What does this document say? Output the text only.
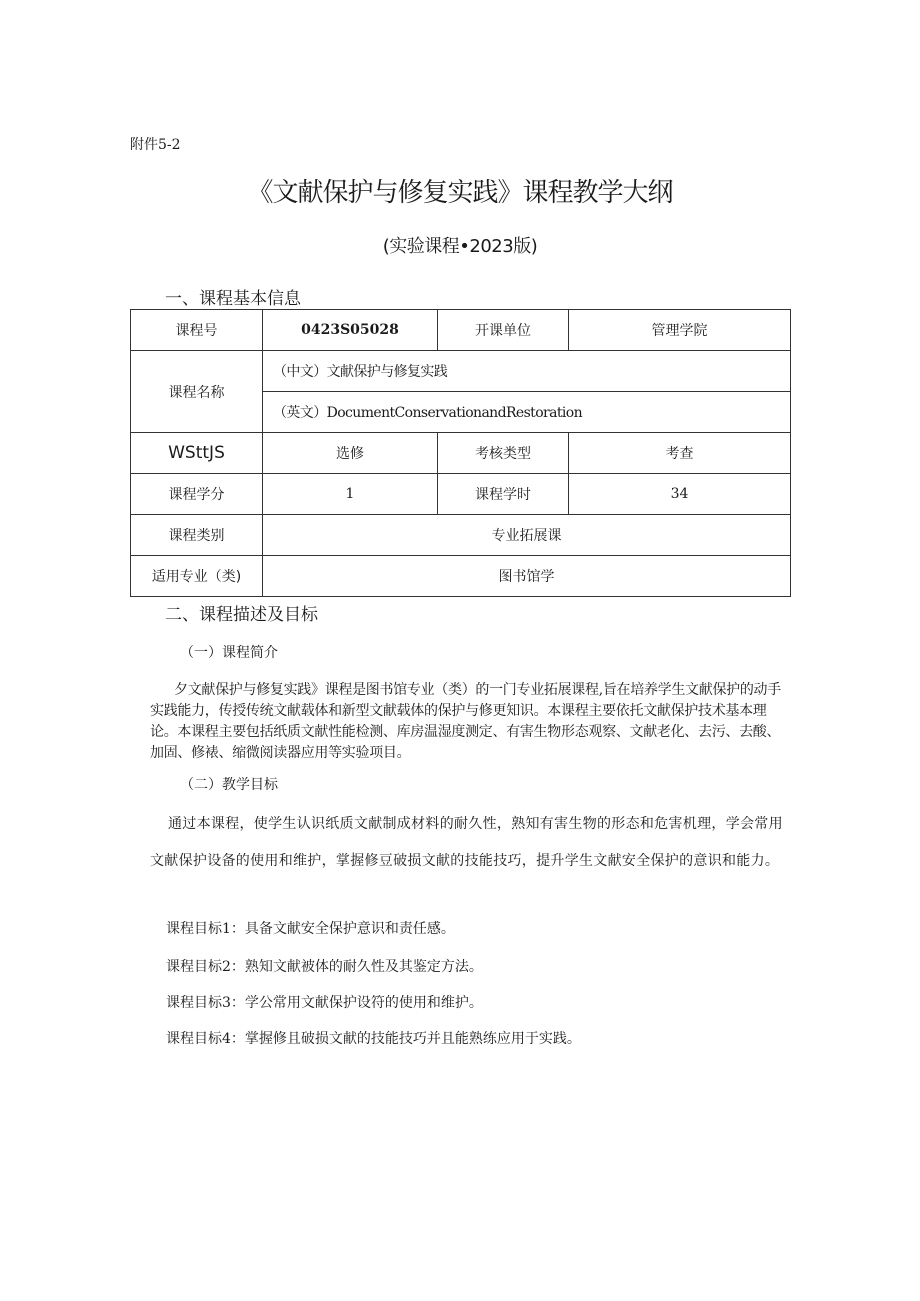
附件5-2
《文献保护与修复实践》课程教学大纲
(实验课程•2023版)
一、课程基本信息
课程号	0423S05028	开课单位	管理学院
课程名称	（中文）文献保护与修复实践		
	（英文）DocumentConservationandRestoration		
WSttJS	选修	考核类型	考查
课程学分	1	课程学时	34
课程类别	专业拓展课		
适用专业（类)	图书馆学		
二、课程描述及目标
（一）课程简介
夕文献保护与修复实践》课程是图书馆专业（类）的一门专业拓展课程,旨在培养学生文献保护的动手实践能力，传授传统文献载体和新型文献载体的保护与修更知识。本课程主要依托文献保护技术基本理论。本课程主要包括纸质文献性能检测、库房温湿度测定、有害生物形态观察、文献老化、去污、去酸、加固、修裱、缩微阅读器应用等实验项目。
（二）教学目标
通过本课程，使学生认识纸质文献制成材料的耐久性，熟知有害生物的形态和危害机理，学会常用文献保护设备的使用和维护，掌握修豆破损文献的技能技巧，提升学生文献安全保护的意识和能力。
课程目标1：具备文献安全保护意识和责任感。
课程目标2：熟知文献被体的耐久性及其鉴定方法。
课程目标3：学公常用文献保护设符的使用和维护。
课程目标4：掌握修且破损文献的技能技巧并且能熟练应用于实践。
